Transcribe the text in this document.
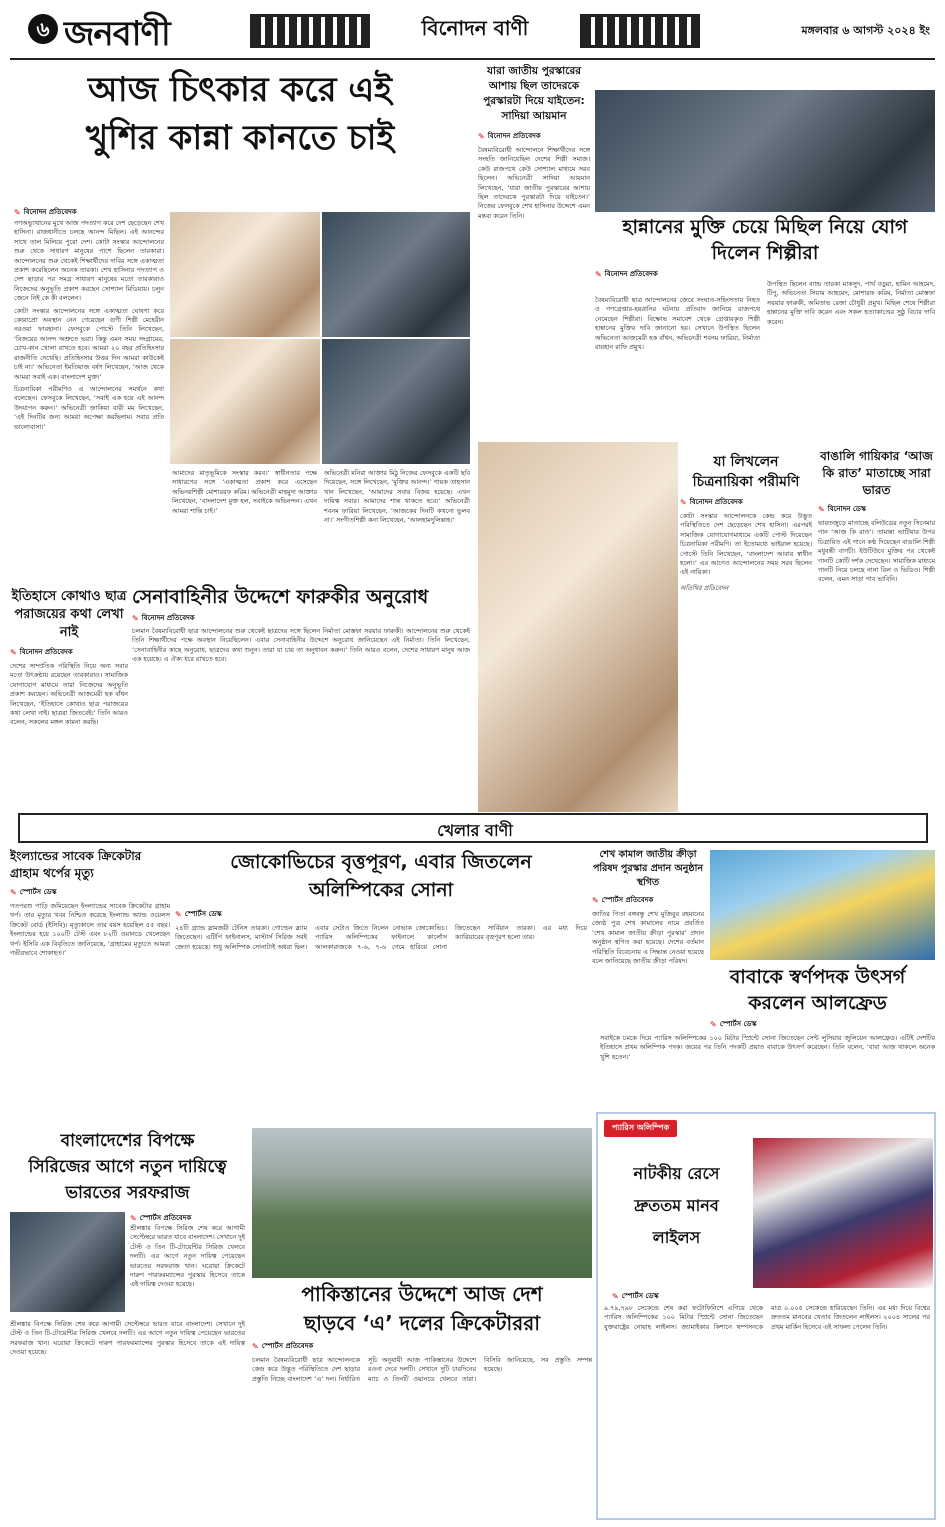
৬ জনবাণী	বিনোদন বাণী	মঙ্গলবার ৬ আগস্ট ২০২৪ ইং
আজ চিৎকার করে এই
খুশির কান্না কানতে চাই
✎ বিনোদন প্রতিবেদক

গণঅভ্যুত্থানের মুখে আজ পদত্যাগ করে দেশ ছেড়েছেন শেখ হাসিনা। রাজধানীতে চলছে আনন্দ মিছিল। এই আনন্দের সাথে তাল মিলিয়ে পুরো দেশ। কোটা সংস্কার আন্দোলনের শুরু থেকে সাধারণ মানুষের পাশে ছিলেন তারকারা। আন্দোলনের শুরু থেকেই শিক্ষার্থীদের দাবির সঙ্গে একাত্মতা প্রকাশ করেছিলেন অনেক তারকা। শেখ হাসিনার পদত্যাগ ও দেশ ছাড়ার পর সমগ্র সাধারণ মানুষের মতো তারকারাও নিজেদের অনুভূতি প্রকাশ করছেন সোশ্যাল মিডিয়ায়। চলুন জেনে নিই কে কী বললেন।

কোটা সংস্কার আন্দোলনের সঙ্গে একাত্মতা ঘোষণা করে কোরাপ্রো অবস্থান নেন গেয়েছেন গুণী শিল্পী মেহেরীন নরওয়া ফারহানা। ফেসবুকে পোস্টে তিনি লিখেছেন, ‘বিজয়ের আনন্দ অশ্রুতে ভরা। কিন্তু এমন সময় সংগ্রামের, চোখ-কান খোলা রাখতে হবে। আমরা ২০ বছর প্রতিহিংসার রাজনীতি দেখেছি। প্রতিহিংসার উত্তর দিন আমরা কাউকেই চাই না।’ অভিনেতা ইমতিয়াজ বর্ষণ লিখেছেন, ‘আজ থেকে আমরা সবাই এক। বাংলাদেশ মুক্ত।’

চিত্রনায়িকা পরীমণিও এ আন্দোলনের সমর্থনে কথা বলেছেন। ফেসবুকে লিখেছেন, ‘সবাই এক হয়ে এই আনন্দ উদযাপন করুন।’ অভিনেত্রী জাকিয়া বারী মম লিখেছেন, ‘এই দিনটির জন্য আমরা অপেক্ষা করছিলাম। সবার প্রতি ভালোবাসা।’

আমাদের মাতৃভূমিকে সংস্কার করব।’ স্বাধীনতার পক্ষে সাধারণের সঙ্গে ‘একাত্মতা প্রকাশ করে এসেছেন অভিনয়শিল্পী মোশাররফ করিম। অভিনেত্রী মাহমুদা আক্তার লিখেছেন, ‘বাংলাদেশ মুক্ত হল, সবাইকে অভিনন্দন। এখন আমরা শান্তি চাই।’
অভিনেত্রী মনিরা আক্তার মিঠু নিজের ফেসবুকে একটি ছবি দিয়েছেন, সঙ্গে লিখেছেন, ‘মুক্তির আনন্দ।’ গায়ক তাহসান খান লিখেছেন, ‘আমাদের সবার বিজয় হয়েছে। এখন দায়িত্ব সবার। আমাদের শান্ত থাকতে হবে।’ অভিনেত্রী শবনম ফারিয়া লিখেছেন, ‘আজকের দিনটি কখনো ভুলব না।’ সংগীতশিল্পী কনা লিখেছেন, ‘আলহামদুলিল্লাহ।’
ইতিহাসে কোথাও ছাত্র পরাজয়ের কথা লেখা নাই
✎ বিনোদন প্রতিবেদক
দেশের সাম্প্রতিক পরিস্থিতি নিয়ে অন্য সবার মতো উৎকণ্ঠায় রয়েছেন তারকারাও। সামাজিক যোগাযোগ মাধ্যমে তারা নিজেদের অনুভূতি প্রকাশ করছেন। অভিনেত্রী আজমেরী হক বাঁধন লিখেছেন, ‘ইতিহাসে কোথাও ছাত্র পরাজয়ের কথা লেখা নাই। ছাত্ররা জিতবেই।’ তিনি আরও বলেন, সকলের মঙ্গল কামনা করছি।
সেনাবাহিনীর উদ্দেশে ফারুকীর অনুরোধ
✎ বিনোদন প্রতিবেদক
চলমান বৈষম্যবিরোধী ছাত্র আন্দোলনের শুরু থেকেই ছাত্রদের সঙ্গে ছিলেন নির্মাতা মোস্তফা সরয়ার ফারুকী। আন্দোলনের শুরু থেকেই তিনি শিক্ষার্থীদের পক্ষে অবস্থান নিয়েছিলেন। এবার সেনাবাহিনীর উদ্দেশে অনুরোধ জানিয়েছেন এই নির্মাতা। তিনি লিখেছেন, ‘সেনাবাহিনীর কাছে অনুরোধ, ছাত্রদের কথা শুনুন। তারা যা চায় তা অনুধাবন করুন।’ তিনি আরও বলেন, দেশের সাধারণ মানুষ আজ এক হয়েছে। এ ঐক্য ধরে রাখতে হবে।
যারা জাতীয় পুরস্কারের আশায় ছিল তাদেরকে পুরস্কারটা দিয়ে যাইতেন: সাদিয়া আয়মান
✎ বিনোদন প্রতিবেদক
বৈষম্যবিরোধী আন্দোলনে শিক্ষার্থীদের সঙ্গে সংহতি জানিয়েছিল দেশের শিল্পী সমাজ। কেউ রাজপথে কেউ সোশ্যাল মাধ্যমে সরব ছিলেন। অভিনেত্রী সাদিয়া আয়মান লিখেছেন, ‘যারা জাতীয় পুরস্কারের আশায় ছিল তাদেরকে পুরস্কারটা দিয়ে যাইতেন।’ নিজের ফেসবুকে শেখ হাসিনার উদ্দেশে এমন মন্তব্য করেন তিনি।
হান্নানের মুক্তি চেয়ে মিছিল নিয়ে যোগ দিলেন শিল্পীরা
✎ বিনোদন প্রতিবেদক
বৈষম্যবিরোধী ছাত্র আন্দোলনের জেরে সংঘাত-সহিংসতায় নিহত ও গণগ্রেপ্তার-হয়রানির ঘটনায় প্রতিবাদ জানিয়ে রাজপথে নেমেছেন শিল্পীরা। বিক্ষোভ সমাবেশ থেকে গ্রেপ্তারকৃত শিল্পী হান্নানের মুক্তির দাবি জানানো হয়। সেখানে উপস্থিত ছিলেন অভিনেতা আজমেরী হক বাঁধন, অভিনেত্রী শবনম ফারিয়া, নির্মাতা রায়হান রাফি প্রমুখ।
উপস্থিত ছিলেন ব্যান্ড তারকা মাকসুদ, পার্থ বড়ুয়া, হামিন আহমেদ, টিপু, অভিনেতা সিয়াম আহমেদ, মোশারফ করিম, নির্মাতা মোস্তফা সরয়ার ফারুকী, অমিতাভ রেজা চৌধুরী প্রমুখ। মিছিল শেষে শিল্পীরা হান্নানের মুক্তি দাবি করেন এবং সকল হত্যাকাণ্ডের সুষ্ঠু বিচার দাবি করেন।
যা লিখলেন
চিত্রনায়িকা পরীমণি
✎ বিনোদন প্রতিবেদক
কোটা সংস্কার আন্দোলনকে কেন্দ্র করে উদ্ভূত পরিস্থিতিতে দেশ ছেড়েছেন শেখ হাসিনা। এরপরই সামাজিক যোগাযোগমাধ্যমে একটি পোস্ট দিয়েছেন চিত্রনায়িকা পরীমণি। তা ইতোমধ্যে ভাইরাল হয়েছে। পোস্টে তিনি লিখেছেন, ‘বাংলাদেশ আবার স্বাধীন হলো।’ এর আগেও আন্দোলনের সময় সরব ছিলেন এই নায়িকা।
অতিথির প্রতিবেদন
বাঙালি গায়িকার ‘আজ কি রাত’ মাতাচ্ছে সারা ভারত
✎ বিনোদন ডেস্ক
ভারতজুড়ে মাতাচ্ছে বলিউডের নতুন সিনেমার গান ‘আজ কি রাত’। তামান্না ভাটিয়ার উপর চিত্রায়িত এই গানে কণ্ঠ দিয়েছেন বাঙালি শিল্পী মধুবন্তী বাগচী। ইউটিউবে মুক্তির পর থেকেই গানটি কোটি দর্শক দেখেছেন। সামাজিক মাধ্যমে গানটি নিয়ে চলছে নানা রিল ও ভিডিও। শিল্পী বলেন, এমন সাড়া পাব ভাবিনি।
খেলার বাণী
ইংল্যান্ডের সাবেক ক্রিকেটার গ্রাহাম থর্পের মৃত্যু
✎ স্পোর্টস ডেস্ক
গতপরশু পাড়ি জমিয়েছেন ইংল্যান্ডের সাবেক ক্রিকেটার গ্রাহাম থর্প। তার মৃত্যুর খবর নিশ্চিত করেছে ইংল্যান্ড অ্যান্ড ওয়েলস ক্রিকেট বোর্ড (ইসিবি)। মৃত্যুকালে তার বয়স হয়েছিল ৫৫ বছর। ইংল্যান্ডের হয়ে ১০০টি টেস্ট এবং ৮২টি ওয়ানডে খেলেছেন থর্প। ইসিবি এক বিবৃতিতে জানিয়েছে, ‘গ্রাহামের মৃত্যুতে আমরা গভীরভাবে শোকাহত।’
জোকোভিচের বৃত্তপূরণ, এবার জিতলেন অলিম্পিকের সোনা
✎ স্পোর্টস ডেস্ক
২৪টি গ্র্যান্ড স্লামজয়ী টেনিস তারকা। গোল্ডেন স্ল্যাম জিতেছেন। এটিপি ফাইনালস, মাস্টার্স সিরিজ সবই জেতা হয়েছে। শুধু অলিম্পিক সোনাটাই অধরা ছিল। এবার সেটাও জিতে নিলেন নোভাক জোকোভিচ। প্যারিস অলিম্পিকের ফাইনালে কার্লোস আলকারাজকে ৭-৬, ৭-৬ গেমে হারিয়ে সোনা জিতেছেন সার্বিয়ান তারকা। এর মধ্য দিয়ে ক্যারিয়ারের বৃত্তপূরণ হলো তার।
শেখ কামাল জাতীয় ক্রীড়া পরিষদ পুরস্কার প্রদান অনুষ্ঠান স্থগিত
✎ স্পোর্টস প্রতিবেদক
জাতির পিতা বঙ্গবন্ধু শেখ মুজিবুর রহমানের জ্যেষ্ঠ পুত্র শেখ কামালের নামে প্রবর্তিত ‘শেখ কামাল জাতীয় ক্রীড়া পুরস্কার’ প্রদান অনুষ্ঠান স্থগিত করা হয়েছে। দেশের বর্তমান পরিস্থিতি বিবেচনায় এ সিদ্ধান্ত নেওয়া হয়েছে বলে জানিয়েছে জাতীয় ক্রীড়া পরিষদ।
বাবাকে স্বর্ণপদক উৎসর্গ করলেন আলফ্রেড
✎ স্পোর্টস ডেস্ক
সবাইকে চমকে দিয়ে প্যারিস অলিম্পিকের ১০০ মিটার স্প্রিন্টে সোনা জিতেছেন সেন্ট লুসিয়ার জুলিয়েন আলফ্রেড। এটিই দেশটির ইতিহাসে প্রথম অলিম্পিক পদক। জয়ের পর তিনি পদকটি প্রয়াত বাবাকে উৎসর্গ করেছেন। তিনি বলেন, ‘বাবা আজ থাকলে অনেক খুশি হতেন।’
বাংলাদেশের বিপক্ষে
সিরিজের আগে নতুন দায়িত্বে
ভারতের সরফরাজ
✎ স্পোর্টস প্রতিবেদক
শ্রীলঙ্কার বিপক্ষে সিরিজ শেষ করে আগামী সেপ্টেম্বরে ভারত যাবে বাংলাদেশ। সেখানে দুই টেস্ট ও তিন টি-টোয়েন্টির সিরিজ খেলবে দলটি। এর আগে নতুন দায়িত্ব পেয়েছেন ভারতের সরফরাজ খান। ঘরোয়া ক্রিকেটে দারুণ পারফরম্যান্সের পুরস্কার হিসেবে তাকে এই দায়িত্ব দেওয়া হয়েছে।
শ্রীলঙ্কার বিপক্ষে সিরিজ শেষ করে আগামী সেপ্টেম্বরে ভারত যাবে বাংলাদেশ। সেখানে দুই টেস্ট ও তিন টি-টোয়েন্টির সিরিজ খেলবে দলটি। এর আগে নতুন দায়িত্ব পেয়েছেন ভারতের সরফরাজ খান। ঘরোয়া ক্রিকেটে দারুণ পারফরম্যান্সের পুরস্কার হিসেবে তাকে এই দায়িত্ব দেওয়া হয়েছে।
পাকিস্তানের উদ্দেশে আজ দেশ
ছাড়বে ‘এ’ দলের ক্রিকেটাররা
✎ স্পোর্টস প্রতিবেদক
চলমান বৈষম্যবিরোধী ছাত্র আন্দোলনকে কেন্দ্র করে উদ্ভূত পরিস্থিতিতে দেশ ছাড়ার প্রস্তুতি নিচ্ছে বাংলাদেশ ‘এ’ দল। নির্ধারিত সূচি অনুযায়ী আজ পাকিস্তানের উদ্দেশে রওনা দেবে দলটি। সেখানে দুটি চারদিনের ম্যাচ ও তিনটি ওয়ানডে খেলবে তারা। বিসিবি জানিয়েছে, সব প্রস্তুতি সম্পন্ন হয়েছে।
প্যারিস অলিম্পিক
নাটকীয় রেসে
দ্রুততম মানব
লাইলস
✎ স্পোর্টস ডেস্ক
৯.৭৯,৭৯৮ সেকেন্ডে শেষ করা ফটোফিনিশে এগিয়ে থেকে প্যারিস অলিম্পিকের ১০০ মিটার স্প্রিন্টে সোনা জিতেছেন যুক্তরাষ্ট্রের নোয়াহ লাইলস। জ্যামাইকার কিশানে থম্পসনকে মাত্র ০.০০৫ সেকেন্ডে হারিয়েছেন তিনি। এর মধ্য দিয়ে বিশ্বের দ্রুততম মানবের খেতাব জিতলেন লাইলস। ২০০৪ সালের পর প্রথম মার্কিন হিসেবে এই সাফল্য পেলেন তিনি।
